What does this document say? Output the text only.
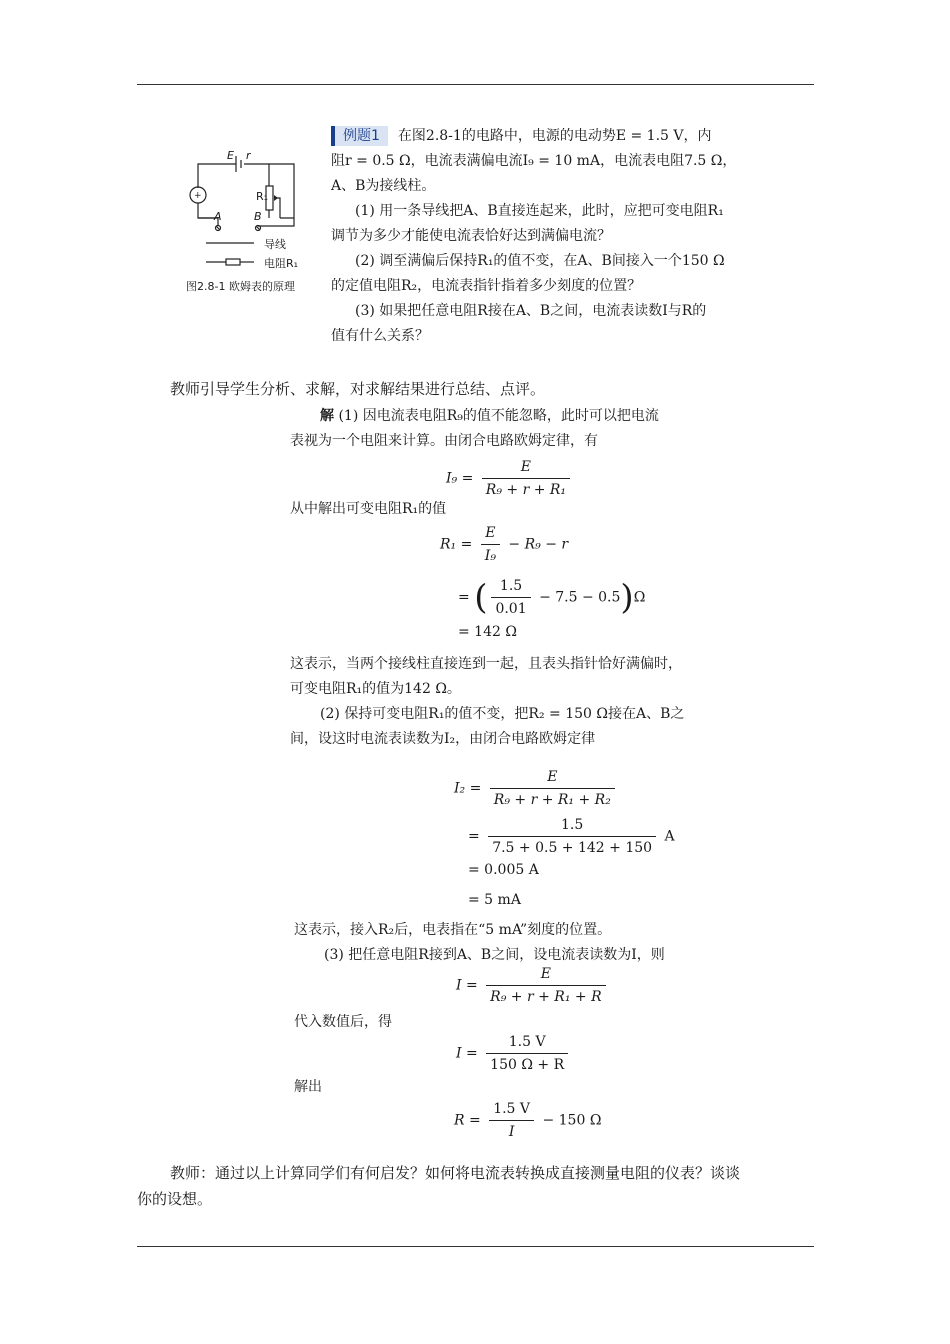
+
E r
R₁
A	B
导线
电阻R₁
图2.8-1 欧姆表的原理
例题1 在图2.8-1的电路中，电源的电动势E = 1.5 V，内
阻r = 0.5 Ω，电流表满偏电流I₉ = 10 mA，电流表电阻7.5 Ω，
A、B为接线柱。
(1) 用一条导线把A、B直接连起来，此时，应把可变电阻R₁
调节为多少才能使电流表恰好达到满偏电流？
(2) 调至满偏后保持R₁的值不变，在A、B间接入一个150 Ω
的定值电阻R₂，电流表指针指着多少刻度的位置？
(3) 如果把任意电阻R接在A、B之间，电流表读数I与R的
值有什么关系？
教师引导学生分析、求解，对求解结果进行总结、点评。
解 (1) 因电流表电阻R₉的值不能忽略，此时可以把电流
表视为一个电阻来计算。由闭合电路欧姆定律，有
$I_9 = \frac{E}{\text{R₉ + r + R₁}}$
从中解出可变电阻R₁的值
$R_1 = \frac{E}{\text{I₉}} - R_9 - r$
= ( $\frac{1.5}{0.01} - 7.5 - 0.5)\Omega$
= 142 Ω
这表示，当两个接线柱直接连到一起，且表头指针恰好满偏时，
可变电阻R₁的值为142 Ω。
(2) 保持可变电阻R₁的值不变，把R₂ = 150 Ω接在A、B之
间，设这时电流表读数为I₂，由闭合电路欧姆定律
$I_2 = \frac{E}{\text{R₉ + r + R₁ + R₂}}$
= $\frac{1.5}{7.5 + 0.5 + 142 + 150}$ A
= 0.005 A
= 5 mA
这表示，接入R₂后，电表指在“5 mA”刻度的位置。
(3) 把任意电阻R接到A、B之间，设电流表读数为I，则
$I = \frac{E}{\text{R₉ + r + R₁ + R}}$
代入数值后，得
$I = \frac{1.5 V}{150 \Omega + R}$
解出
$R = \frac{1.5 V}{I} - 150$ Ω
教师：通过以上计算同学们有何启发？如何将电流表转换成直接测量电阻的仪表？谈谈
你的设想。
